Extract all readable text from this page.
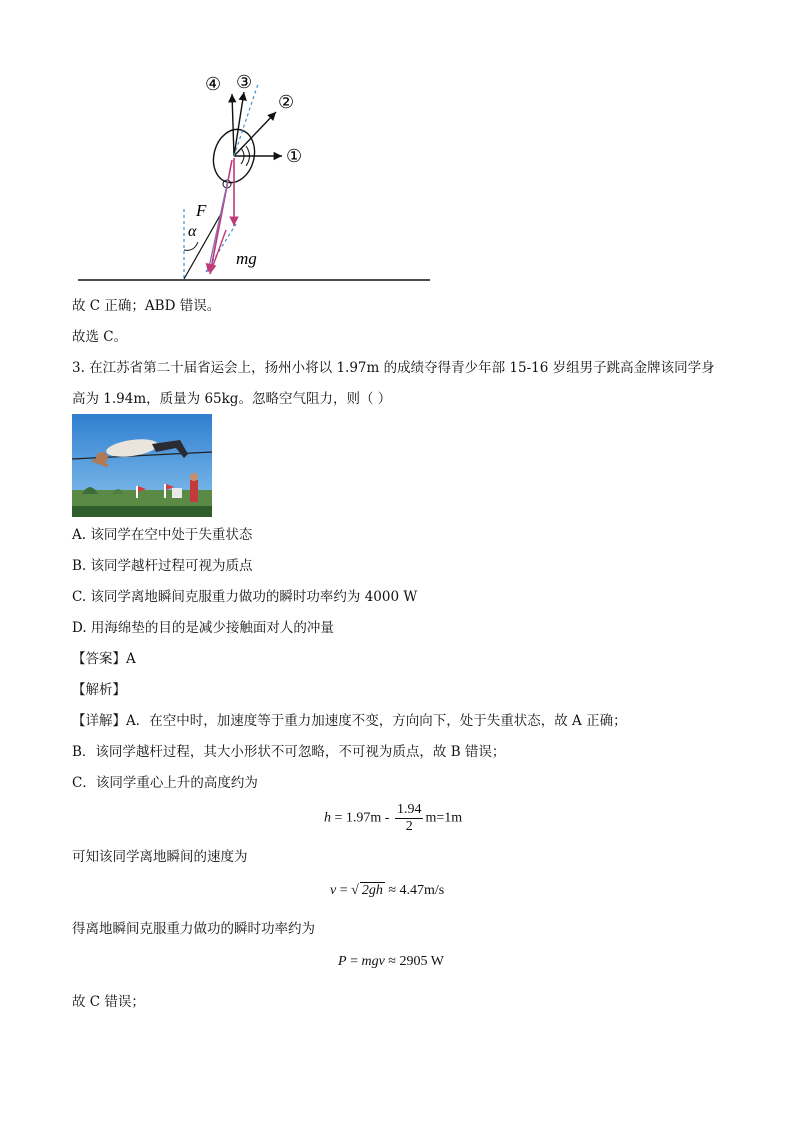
④ ③
②
①
F
α
mg
故 C 正确；ABD 错误。
故选 C。
3. 在江苏省第二十届省运会上，扬州小将以 1.97m 的成绩夺得青少年部 15-16 岁组男子跳高金牌该同学身
高为 1.94m，质量为 65kg。忽略空气阻力，则（ ）
A. 该同学在空中处于失重状态
B. 该同学越杆过程可视为质点
C. 该同学离地瞬间克服重力做功的瞬时功率约为 4000 W
D. 用海绵垫的目的是减少接触面对人的冲量
【答案】A
【解析】
【详解】A．在空中时，加速度等于重力加速度不变，方向向下，处于失重状态，故 A 正确；
B．该同学越杆过程，其大小形状不可忽略，不可视为质点，故 B 错误；
C．该同学重心上升的高度约为
$h = 1.97m - \frac{1.94}{2} m=1m$
可知该同学离地瞬间的速度为
v = √ 2gh ≈ 4.47m/s
得离地瞬间克服重力做功的瞬时功率约为
P = mgv ≈ 2905 W
故 C 错误；
